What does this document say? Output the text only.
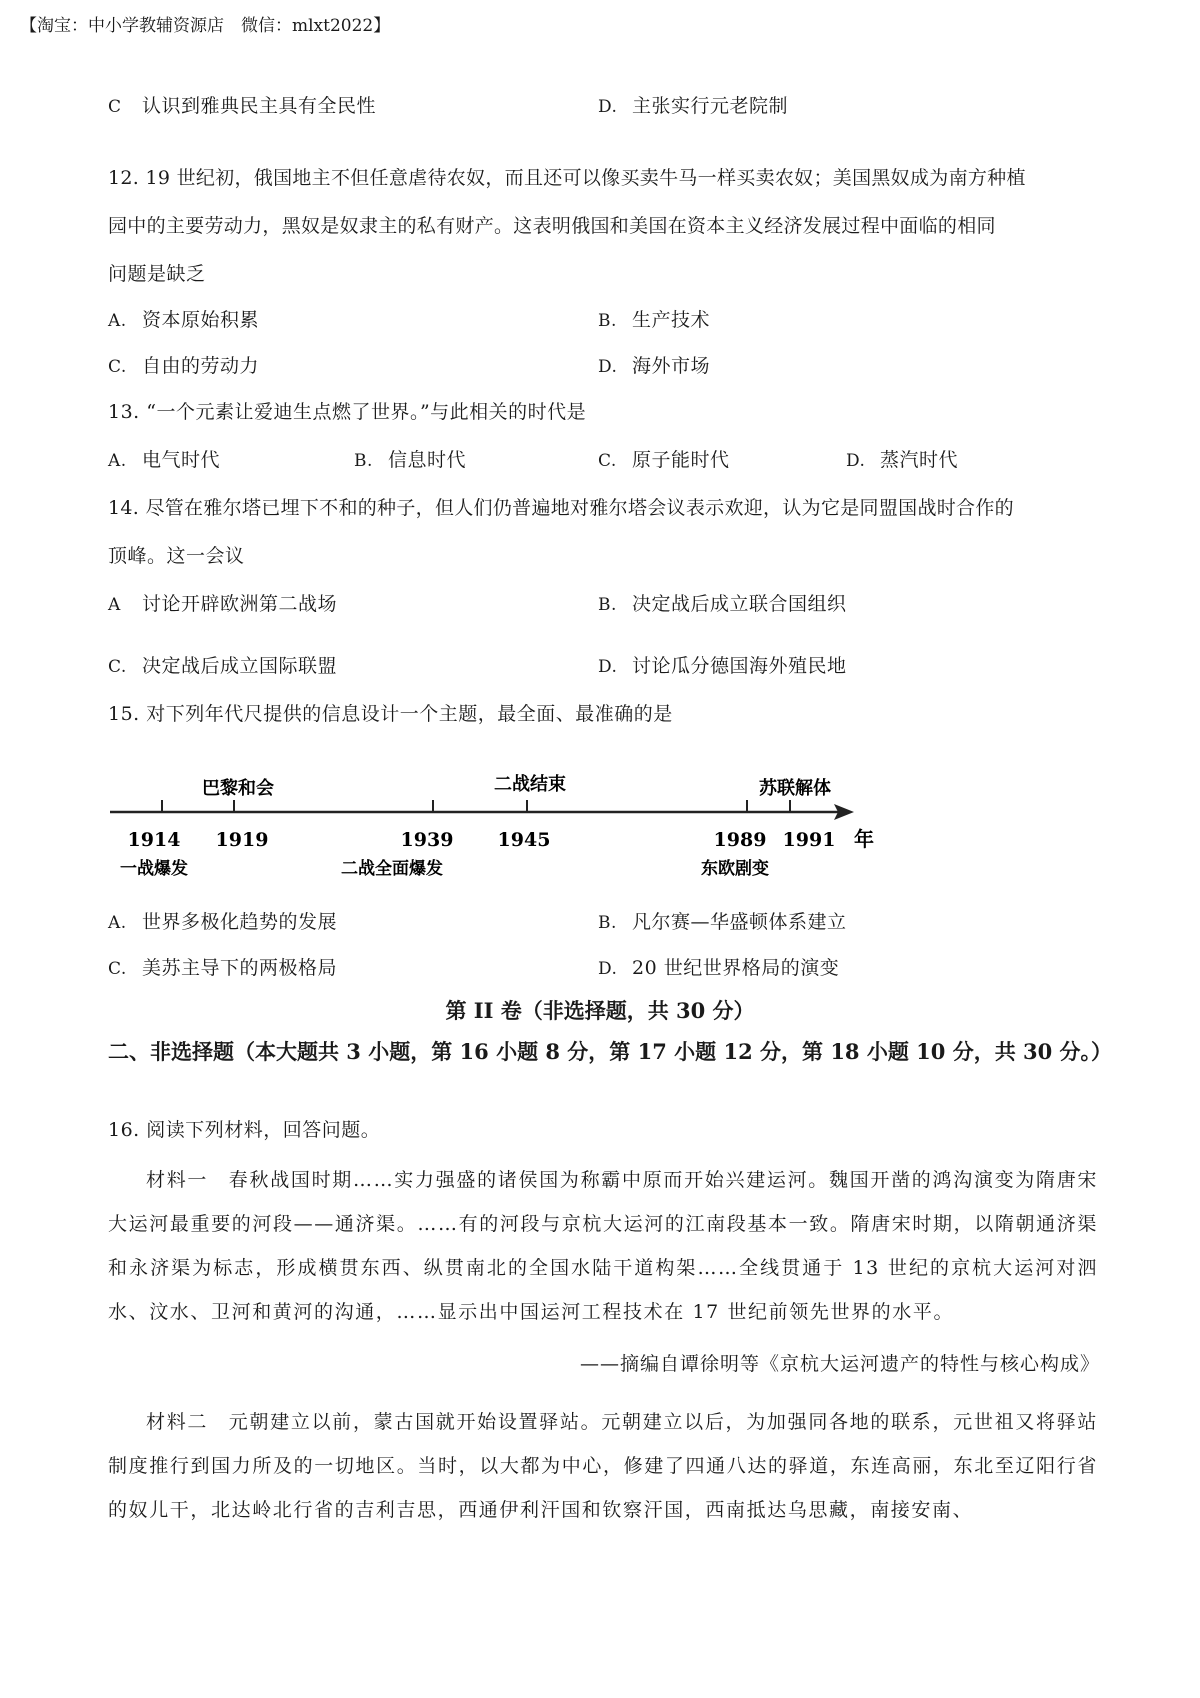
【淘宝：中小学教辅资源店　微信：mlxt2022】
C 认识到雅典民主具有全民性	D. 主张实行元老院制
12. 19 世纪初，俄国地主不但任意虐待农奴，而且还可以像买卖牛马一样买卖农奴；美国黑奴成为南方种植
园中的主要劳动力，黑奴是奴隶主的私有财产。这表明俄国和美国在资本主义经济发展过程中面临的相同
问题是缺乏
A. 资本原始积累	B. 生产技术
C. 自由的劳动力	D. 海外市场
13. “一个元素让爱迪生点燃了世界。”与此相关的时代是
A. 电气时代	B. 信息时代	C. 原子能时代	D. 蒸汽时代
14. 尽管在雅尔塔已埋下不和的种子，但人们仍普遍地对雅尔塔会议表示欢迎，认为它是同盟国战时合作的
顶峰。这一会议
A 讨论开辟欧洲第二战场	B. 决定战后成立联合国组织
C. 决定战后成立国际联盟	D. 讨论瓜分德国海外殖民地
15. 对下列年代尺提供的信息设计一个主题，最全面、最准确的是
巴黎和会	二战结束	苏联解体
1914 1919	1939 1945	1989 1991 年
一战爆发	二战全面爆发	东欧剧变
A. 世界多极化趋势的发展	B. 凡尔赛—华盛顿体系建立
C. 美苏主导下的两极格局	D. 20 世纪世界格局的演变
第 II 卷（非选择题，共 30 分）
二、非选择题（本大题共 3 小题，第 16 小题 8 分，第 17 小题 12 分，第 18 小题 10 分，共 30 分。）
16. 阅读下列材料，回答问题。
材料一　春秋战国时期……实力强盛的诸侯国为称霸中原而开始兴建运河。魏国开凿的鸿沟演变为隋唐宋大运河最重要的河段——通济渠。……有的河段与京杭大运河的江南段基本一致。隋唐宋时期，以隋朝通济渠和永济渠为标志，形成横贯东西、纵贯南北的全国水陆干道构架……全线贯通于 13 世纪的京杭大运河对泗水、汶水、卫河和黄河的沟通，……显示出中国运河工程技术在 17 世纪前领先世界的水平。
——摘编自谭徐明等《京杭大运河遗产的特性与核心构成》
材料二　元朝建立以前，蒙古国就开始设置驿站。元朝建立以后，为加强同各地的联系，元世祖又将驿站制度推行到国力所及的一切地区。当时，以大都为中心，修建了四通八达的驿道，东连高丽，东北至辽阳行省的奴儿干，北达岭北行省的吉利吉思，西通伊利汗国和钦察汗国，西南抵达乌思藏，南接安南、
